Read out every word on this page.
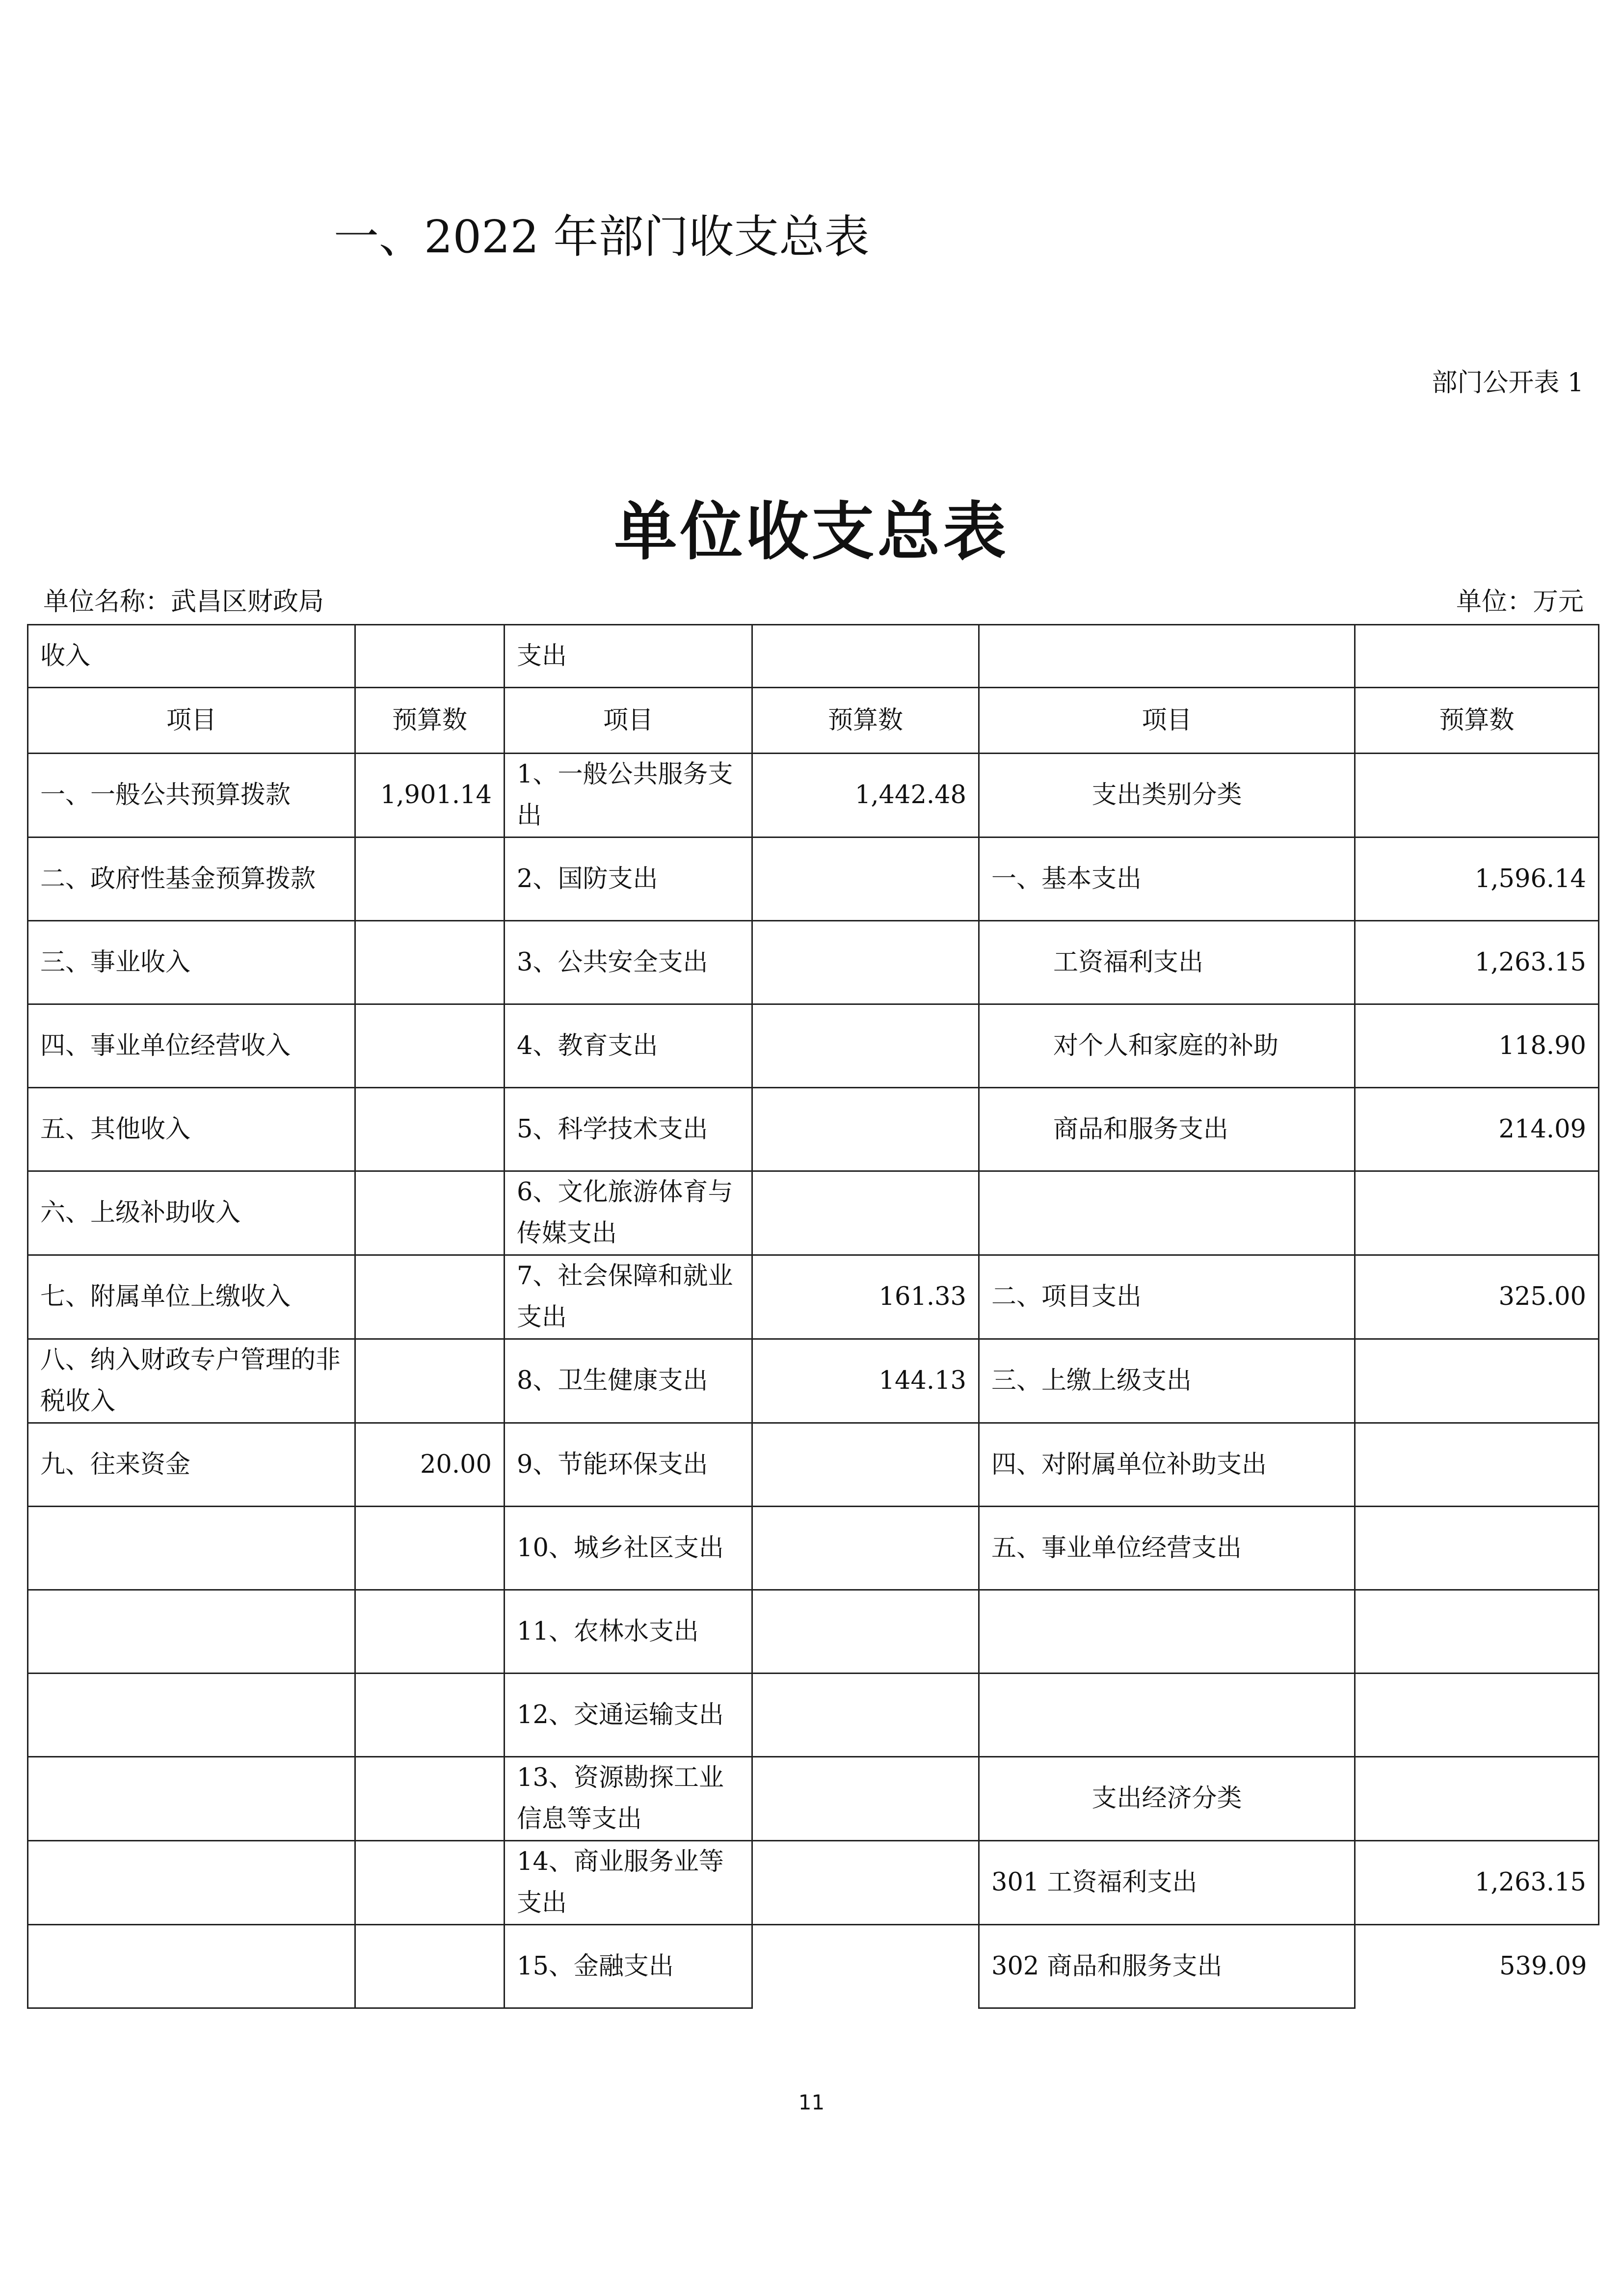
一、2022 年部门收支总表
部门公开表 1
单位收支总表
单位名称：武昌区财政局	单位：万元
收入		支出			
项目	预算数	项目	预算数	项目	预算数
一、一般公共预算拨款	1,901.14	1、一般公共服务支出	1,442.48	支出类别分类	
二、政府性基金预算拨款		2、国防支出		一、基本支出	1,596.14
三、事业收入		3、公共安全支出		工资福利支出	1,263.15
四、事业单位经营收入		4、教育支出		对个人和家庭的补助	118.90
五、其他收入		5、科学技术支出		商品和服务支出	214.09
六、上级补助收入		6、文化旅游体育与传媒支出			
七、附属单位上缴收入		7、社会保障和就业支出	161.33	二、项目支出	325.00
八、纳入财政专户管理的非税收入		8、卫生健康支出	144.13	三、上缴上级支出	
九、往来资金	20.00	9、节能环保支出		四、对附属单位补助支出	
		10、城乡社区支出		五、事业单位经营支出	
		11、农林水支出			
		12、交通运输支出			
		13、资源勘探工业信息等支出		支出经济分类	
		14、商业服务业等支出		301 工资福利支出	1,263.15
		15、金融支出		302 商品和服务支出	539.09
11
